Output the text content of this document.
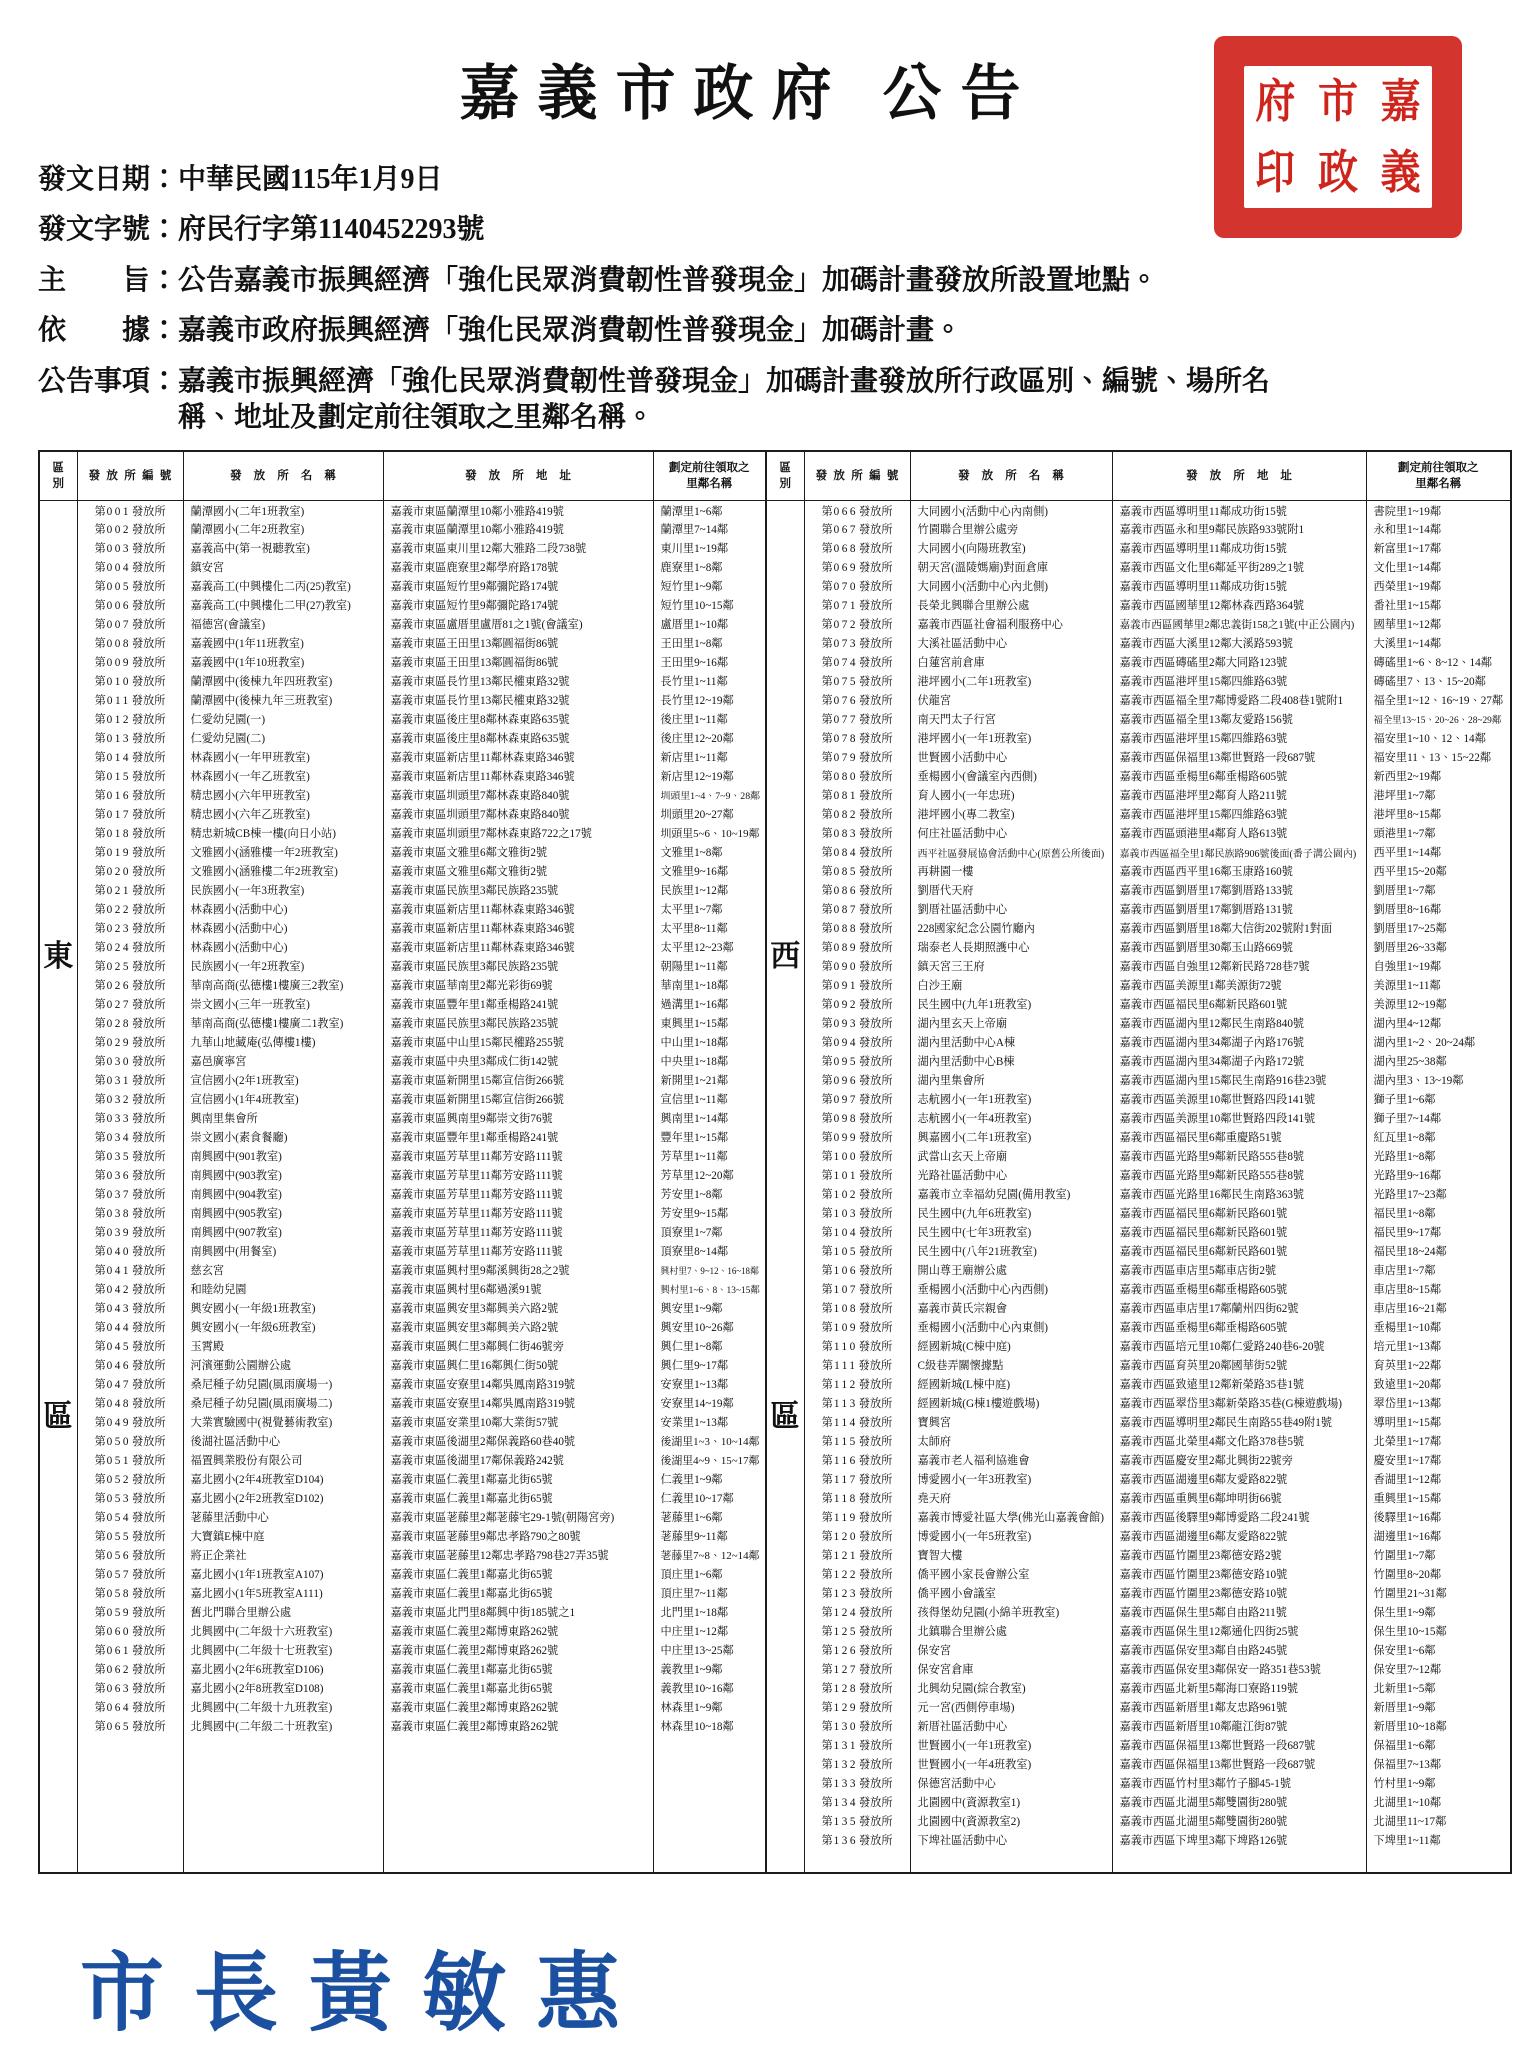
嘉義市政府 公告	嘉
義
市
政
府
印
發文日期： 中華民國115年1月9日
發文字號： 府民行字第1140452293號
主　　旨： 公告嘉義市振興經濟「強化民眾消費韌性普發現金」加碼計畫發放所設置地點。
依　　據： 嘉義市政府振興經濟「強化民眾消費韌性普發現金」加碼計畫。
公告事項： 嘉義市振興經濟「強化民眾消費韌性普發現金」加碼計畫發放所行政區別、編號、場所名稱、地址及劃定前往領取之里鄰名稱。
區
別	發放所編號	發放所名稱	發放所地址	劃定前往領取之
里鄰名稱

東
區	第001發放所	蘭潭國小(二年1班教室)	嘉義市東區蘭潭里10鄰小雅路419號	蘭潭里1~6鄰
	第002發放所	蘭潭國小(二年2班教室)	嘉義市東區蘭潭里10鄰小雅路419號	蘭潭里7~14鄰
	第003發放所	嘉義高中(第一視聽教室)	嘉義市東區東川里12鄰大雅路二段738號	東川里1~19鄰
	第004發放所	鎮安宮	嘉義市東區鹿寮里2鄰學府路178號	鹿寮里1~8鄰
	第005發放所	嘉義高工(中興樓化二丙(25)教室)	嘉義市東區短竹里9鄰彌陀路174號	短竹里1~9鄰
	第006發放所	嘉義高工(中興樓化二甲(27)教室)	嘉義市東區短竹里9鄰彌陀路174號	短竹里10~15鄰
	第007發放所	福德宮(會議室)	嘉義市東區盧厝里盧厝81之1號(會議室)	盧厝里1~10鄰
	第008發放所	嘉義國中(1年11班教室)	嘉義市東區王田里13鄰圓福街86號	王田里1~8鄰
	第009發放所	嘉義國中(1年10班教室)	嘉義市東區王田里13鄰圓福街86號	王田里9~16鄰
	第010發放所	蘭潭國中(後棟九年四班教室)	嘉義市東區長竹里13鄰民權東路32號	長竹里1~11鄰
	第011發放所	蘭潭國中(後棟九年三班教室)	嘉義市東區長竹里13鄰民權東路32號	長竹里12~19鄰
	第012發放所	仁愛幼兒園(一)	嘉義市東區後庄里8鄰林森東路635號	後庄里1~11鄰
	第013發放所	仁愛幼兒園(二)	嘉義市東區後庄里8鄰林森東路635號	後庄里12~20鄰
	第014發放所	林森國小(一年甲班教室)	嘉義市東區新店里11鄰林森東路346號	新店里1~11鄰
	第015發放所	林森國小(一年乙班教室)	嘉義市東區新店里11鄰林森東路346號	新店里12~19鄰
	第016發放所	精忠國小(六年甲班教室)	嘉義市東區圳頭里7鄰林森東路840號	圳頭里1~4、7~9、28鄰
	第017發放所	精忠國小(六年乙班教室)	嘉義市東區圳頭里7鄰林森東路840號	圳頭里20~27鄰
	第018發放所	精忠新城CB棟一樓(向日小站)	嘉義市東區圳頭里7鄰林森東路722之17號	圳頭里5~6、10~19鄰
	第019發放所	文雅國小(涵雅樓一年2班教室)	嘉義市東區文雅里6鄰文雅街2號	文雅里1~8鄰
	第020發放所	文雅國小(涵雅樓二年2班教室)	嘉義市東區文雅里6鄰文雅街2號	文雅里9~16鄰
	第021發放所	民族國小(一年3班教室)	嘉義市東區民族里3鄰民族路235號	民族里1~12鄰
	第022發放所	林森國小(活動中心)	嘉義市東區新店里11鄰林森東路346號	太平里1~7鄰
	第023發放所	林森國小(活動中心)	嘉義市東區新店里11鄰林森東路346號	太平里8~11鄰
	第024發放所	林森國小(活動中心)	嘉義市東區新店里11鄰林森東路346號	太平里12~23鄰
	第025發放所	民族國小(一年2班教室)	嘉義市東區民族里3鄰民族路235號	朝陽里1~11鄰
	第026發放所	華南高商(弘德樓1樓廣三2教室)	嘉義市東區華南里2鄰光彩街69號	華南里1~18鄰
	第027發放所	崇文國小(三年一班教室)	嘉義市東區豐年里1鄰垂楊路241號	過溝里1~16鄰
	第028發放所	華南高商(弘德樓1樓廣二1教室)	嘉義市東區民族里3鄰民族路235號	東興里1~15鄰
	第029發放所	九華山地藏庵(弘傳樓1樓)	嘉義市東區中山里15鄰民權路255號	中山里1~18鄰
	第030發放所	嘉邑廣寧宮	嘉義市東區中央里3鄰成仁街142號	中央里1~18鄰
	第031發放所	宣信國小(2年1班教室)	嘉義市東區新開里15鄰宣信街266號	新開里1~21鄰
	第032發放所	宣信國小(1年4班教室)	嘉義市東區新開里15鄰宣信街266號	宣信里1~11鄰
	第033發放所	興南里集會所	嘉義市東區興南里9鄰崇文街76號	興南里1~14鄰
	第034發放所	崇文國小(素食餐廳)	嘉義市東區豐年里1鄰垂楊路241號	豐年里1~15鄰
	第035發放所	南興國中(901教室)	嘉義市東區芳草里11鄰芳安路111號	芳草里1~11鄰
	第036發放所	南興國中(903教室)	嘉義市東區芳草里11鄰芳安路111號	芳草里12~20鄰
	第037發放所	南興國中(904教室)	嘉義市東區芳草里11鄰芳安路111號	芳安里1~8鄰
	第038發放所	南興國中(905教室)	嘉義市東區芳草里11鄰芳安路111號	芳安里9~15鄰
	第039發放所	南興國中(907教室)	嘉義市東區芳草里11鄰芳安路111號	頂寮里1~7鄰
	第040發放所	南興國中(用餐室)	嘉義市東區芳草里11鄰芳安路111號	頂寮里8~14鄰
	第041發放所	慈玄宮	嘉義市東區興村里9鄰溪興街28之2號	興村里7、9~12、16~18鄰
	第042發放所	和睦幼兒園	嘉義市東區興村里6鄰過溪91號	興村里1~6、8、13~15鄰
	第043發放所	興安國小(一年級1班教室)	嘉義市東區興安里3鄰興美六路2號	興安里1~9鄰
	第044發放所	興安國小(一年級6班教室)	嘉義市東區興安里3鄰興美六路2號	興安里10~26鄰
	第045發放所	玉霄殿	嘉義市東區興仁里3鄰興仁街46號旁	興仁里1~8鄰
	第046發放所	河濱運動公園辦公處	嘉義市東區興仁里16鄰興仁街50號	興仁里9~17鄰
	第047發放所	桑尼種子幼兒園(風雨廣場一)	嘉義市東區安寮里14鄰吳鳳南路319號	安寮里1~13鄰
	第048發放所	桑尼種子幼兒園(風雨廣場二)	嘉義市東區安寮里14鄰吳鳳南路319號	安寮里14~19鄰
	第049發放所	大業實驗國中(視覺藝術教室)	嘉義市東區安業里10鄰大業街57號	安業里1~13鄰
	第050發放所	後湖社區活動中心	嘉義市東區後湖里2鄰保義路60巷40號	後湖里1~3、10~14鄰
	第051發放所	福置興業股份有限公司	嘉義市東區後湖里17鄰保義路242號	後湖里4~9、15~17鄰
	第052發放所	嘉北國小(2年4班教室D104)	嘉義市東區仁義里1鄰嘉北街65號	仁義里1~9鄰
	第053發放所	嘉北國小(2年2班教室D102)	嘉義市東區仁義里1鄰嘉北街65號	仁義里10~17鄰
	第054發放所	荖藤里活動中心	嘉義市東區荖藤里2鄰荖藤宅29-1號(朝陽宮旁)	荖藤里1~6鄰
	第055發放所	大寶鎮E棟中庭	嘉義市東區荖藤里9鄰忠孝路790之80號	荖藤里9~11鄰
	第056發放所	將正企業社	嘉義市東區荖藤里12鄰忠孝路798巷27弄35號	荖藤里7~8、12~14鄰
	第057發放所	嘉北國小(1年1班教室A107)	嘉義市東區仁義里1鄰嘉北街65號	頂庄里1~6鄰
	第058發放所	嘉北國小(1年5班教室A111)	嘉義市東區仁義里1鄰嘉北街65號	頂庄里7~11鄰
	第059發放所	舊北門聯合里辦公處	嘉義市東區北門里8鄰興中街185號之1	北門里1~18鄰
	第060發放所	北興國中(二年級十六班教室)	嘉義市東區仁義里2鄰博東路262號	中庄里1~12鄰
	第061發放所	北興國中(二年級十七班教室)	嘉義市東區仁義里2鄰博東路262號	中庄里13~25鄰
	第062發放所	嘉北國小(2年6班教室D106)	嘉義市東區仁義里1鄰嘉北街65號	義教里1~9鄰
	第063發放所	嘉北國小(2年8班教室D108)	嘉義市東區仁義里1鄰嘉北街65號	義教里10~16鄰
	第064發放所	北興國中(二年級十九班教室)	嘉義市東區仁義里2鄰博東路262號	林森里1~9鄰
	第065發放所	北興國中(二年級二十班教室)	嘉義市東區仁義里2鄰博東路262號	林森里10~18鄰

區
別	發放所編號	發放所名稱	發放所地址	劃定前往領取之
里鄰名稱

西
區	第066發放所	大同國小(活動中心內南側)	嘉義市西區導明里11鄰成功街15號	書院里1~19鄰
	第067發放所	竹園聯合里辦公處旁	嘉義市西區永和里9鄰民族路933號附1	永和里1~14鄰
	第068發放所	大同國小(向陽班教室)	嘉義市西區導明里11鄰成功街15號	新富里1~17鄰
	第069發放所	朝天宮(溫陵媽廟)對面倉庫	嘉義市西區文化里6鄰延平街289之1號	文化里1~14鄰
	第070發放所	大同國小(活動中心內北側)	嘉義市西區導明里11鄰成功街15號	西榮里1~19鄰
	第071發放所	長榮北興聯合里辦公處	嘉義市西區國華里12鄰林森西路364號	番社里1~15鄰
	第072發放所	嘉義市西區社會福利服務中心	嘉義市西區國華里2鄰忠義街158之1號(中正公園內)	國華里1~12鄰
	第073發放所	大溪社區活動中心	嘉義市西區大溪里12鄰大溪路593號	大溪里1~14鄰
	第074發放所	白蓮宮前倉庫	嘉義市西區磚磘里2鄰大同路123號	磚磘里1~6、8~12、14鄰
	第075發放所	港坪國小(二年1班教室)	嘉義市西區港坪里15鄰四維路63號	磚磘里7、13、15~20鄰
	第076發放所	伏龍宮	嘉義市西區福全里7鄰博愛路二段408巷1號附1	福全里1~12、16~19、27鄰
	第077發放所	南天門太子行宮	嘉義市西區福全里13鄰友愛路156號	福全里13~15、20~26、28~29鄰
	第078發放所	港坪國小(一年1班教室)	嘉義市西區港坪里15鄰四維路63號	福安里1~10、12、14鄰
	第079發放所	世賢國小活動中心	嘉義市西區保福里13鄰世賢路一段687號	福安里11、13、15~22鄰
	第080發放所	垂楊國小(會議室內西側)	嘉義市西區垂楊里6鄰垂楊路605號	新西里2~19鄰
	第081發放所	育人國小(一年忠班)	嘉義市西區港坪里2鄰育人路211號	港坪里1~7鄰
	第082發放所	港坪國小(專二教室)	嘉義市西區港坪里15鄰四維路63號	港坪里8~15鄰
	第083發放所	何庄社區活動中心	嘉義市西區頭港里4鄰育人路613號	頭港里1~7鄰
	第084發放所	西平社區發展協會活動中心(原舊公所後面)	嘉義市西區福全里1鄰民族路906號後面(番子溝公園內)	西平里1~14鄰
	第085發放所	再耕園一樓	嘉義市西區西平里16鄰玉康路160號	西平里15~20鄰
	第086發放所	劉厝代天府	嘉義市西區劉厝里17鄰劉厝路133號	劉厝里1~7鄰
	第087發放所	劉厝社區活動中心	嘉義市西區劉厝里17鄰劉厝路131號	劉厝里8~16鄰
	第088發放所	228國家紀念公園竹廳內	嘉義市西區劉厝里18鄰大信街202號附1對面	劉厝里17~25鄰
	第089發放所	瑞泰老人長期照護中心	嘉義市西區劉厝里30鄰玉山路669號	劉厝里26~33鄰
	第090發放所	鎮天宮三王府	嘉義市西區自強里12鄰新民路728巷7號	自強里1~19鄰
	第091發放所	白沙王廟	嘉義市西區美源里1鄰美源街72號	美源里1~11鄰
	第092發放所	民生國中(九年1班教室)	嘉義市西區福民里6鄰新民路601號	美源里12~19鄰
	第093發放所	湖內里玄天上帝廟	嘉義市西區湖內里12鄰民生南路840號	湖內里4~12鄰
	第094發放所	湖內里活動中心A棟	嘉義市西區湖內里34鄰湖子內路176號	湖內里1~2、20~24鄰
	第095發放所	湖內里活動中心B棟	嘉義市西區湖內里34鄰湖子內路172號	湖內里25~38鄰
	第096發放所	湖內里集會所	嘉義市西區湖內里15鄰民生南路916巷23號	湖內里3、13~19鄰
	第097發放所	志航國小(一年1班教室)	嘉義市西區美源里10鄰世賢路四段141號	獅子里1~6鄰
	第098發放所	志航國小(一年4班教室)	嘉義市西區美源里10鄰世賢路四段141號	獅子里7~14鄰
	第099發放所	興嘉國小(二年1班教室)	嘉義市西區福民里6鄰重慶路51號	紅瓦里1~8鄰
	第100發放所	武當山玄天上帝廟	嘉義市西區光路里9鄰新民路555巷8號	光路里1~8鄰
	第101發放所	光路社區活動中心	嘉義市西區光路里9鄰新民路555巷8號	光路里9~16鄰
	第102發放所	嘉義市立幸福幼兒園(備用教室)	嘉義市西區光路里16鄰民生南路363號	光路里17~23鄰
	第103發放所	民生國中(九年6班教室)	嘉義市西區福民里6鄰新民路601號	福民里1~8鄰
	第104發放所	民生國中(七年3班教室)	嘉義市西區福民里6鄰新民路601號	福民里9~17鄰
	第105發放所	民生國中(八年21班教室)	嘉義市西區福民里6鄰新民路601號	福民里18~24鄰
	第106發放所	開山尊王廟辦公處	嘉義市西區車店里5鄰車店街2號	車店里1~7鄰
	第107發放所	垂楊國小(活動中心內西側)	嘉義市西區垂楊里6鄰垂楊路605號	車店里8~15鄰
	第108發放所	嘉義市黃氏宗親會	嘉義市西區車店里17鄰蘭州四街62號	車店里16~21鄰
	第109發放所	垂楊國小(活動中心內東側)	嘉義市西區垂楊里6鄰垂楊路605號	垂楊里1~10鄰
	第110發放所	經國新城(C棟中庭)	嘉義市西區培元里10鄰仁愛路240巷6-20號	培元里1~13鄰
	第111發放所	C級巷弄關懷據點	嘉義市西區育英里20鄰國華街52號	育英里1~22鄰
	第112發放所	經國新城(L棟中庭)	嘉義市西區致遠里12鄰新榮路35巷1號	致遠里1~20鄰
	第113發放所	經國新城(G棟1樓遊戲場)	嘉義市西區翠岱里3鄰新榮路35巷(G棟遊戲場)	翠岱里1~13鄰
	第114發放所	寶興宮	嘉義市西區導明里2鄰民生南路55巷49附1號	導明里1~15鄰
	第115發放所	太師府	嘉義市西區北榮里4鄰文化路378巷5號	北榮里1~17鄰
	第116發放所	嘉義市老人福利協進會	嘉義市西區慶安里2鄰北興街22號旁	慶安里1~17鄰
	第117發放所	博愛國小(一年3班教室)	嘉義市西區湖邊里6鄰友愛路822號	香湖里1~12鄰
	第118發放所	堯天府	嘉義市西區重興里6鄰坤明街66號	重興里1~15鄰
	第119發放所	嘉義市博愛社區大學(佛光山嘉義會館)	嘉義市西區後驛里9鄰博愛路二段241號	後驛里1~16鄰
	第120發放所	博愛國小(一年5班教室)	嘉義市西區湖邊里6鄰友愛路822號	湖邊里1~16鄰
	第121發放所	寶智大樓	嘉義市西區竹圍里23鄰德安路2號	竹圍里1~7鄰
	第122發放所	僑平國小家長會辦公室	嘉義市西區竹圍里23鄰德安路10號	竹圍里8~20鄰
	第123發放所	僑平國小會議室	嘉義市西區竹圍里23鄰德安路10號	竹圍里21~31鄰
	第124發放所	孩得堡幼兒園(小綿羊班教室)	嘉義市西區保生里5鄰自由路211號	保生里1~9鄰
	第125發放所	北鎮聯合里辦公處	嘉義市西區保生里12鄰通化四街25號	保生里10~15鄰
	第126發放所	保安宮	嘉義市西區保安里3鄰自由路245號	保安里1~6鄰
	第127發放所	保安宮倉庫	嘉義市西區保安里3鄰保安一路351巷53號	保安里7~12鄰
	第128發放所	北興幼兒園(綜合教室)	嘉義市西區北新里5鄰海口寮路119號	北新里1~5鄰
	第129發放所	元一宮(西側停車場)	嘉義市西區新厝里1鄰友忠路961號	新厝里1~9鄰
	第130發放所	新厝社區活動中心	嘉義市西區新厝里10鄰龍江街87號	新厝里10~18鄰
	第131發放所	世賢國小(一年1班教室)	嘉義市西區保福里13鄰世賢路一段687號	保福里1~6鄰
	第132發放所	世賢國小(一年4班教室)	嘉義市西區保福里13鄰世賢路一段687號	保福里7~13鄰
	第133發放所	保德宮活動中心	嘉義市西區竹村里3鄰竹子腳45-1號	竹村里1~9鄰
	第134發放所	北園國中(資源教室1)	嘉義市西區北湖里5鄰雙園街280號	北湖里1~10鄰
	第135發放所	北園國中(資源教室2)	嘉義市西區北湖里5鄰雙園街280號	北湖里11~17鄰
	第136發放所	下埤社區活動中心	嘉義市西區下埤里3鄰下埤路126號	下埤里1~11鄰

市長黃敏惠
